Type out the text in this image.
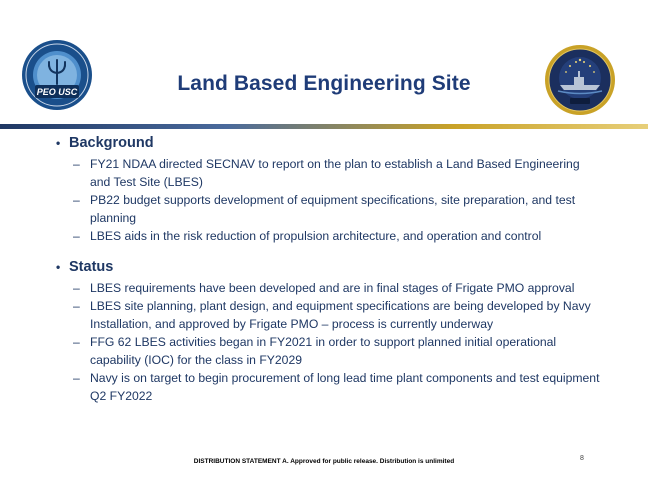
PEO USC	Land Based Engineering Site
• Background
– FY21 NDAA directed SECNAV to report on the plan to establish a Land Based Engineering and Test Site (LBES)
– PB22 budget supports development of equipment specifications, site preparation, and test planning
– LBES aids in the risk reduction of propulsion architecture, and operation and control
• Status
– LBES requirements have been developed and are in final stages of Frigate PMO approval
– LBES site planning, plant design, and equipment specifications are being developed by Navy Installation, and approved by Frigate PMO – process is currently underway
– FFG 62 LBES activities began in FY2021 in order to support planned initial operational capability (IOC) for the class in FY2029
– Navy is on target to begin procurement of long lead time plant components and test equipment Q2 FY2022
DISTRIBUTION STATEMENT A. Approved for public release. Distribution is unlimited	8
